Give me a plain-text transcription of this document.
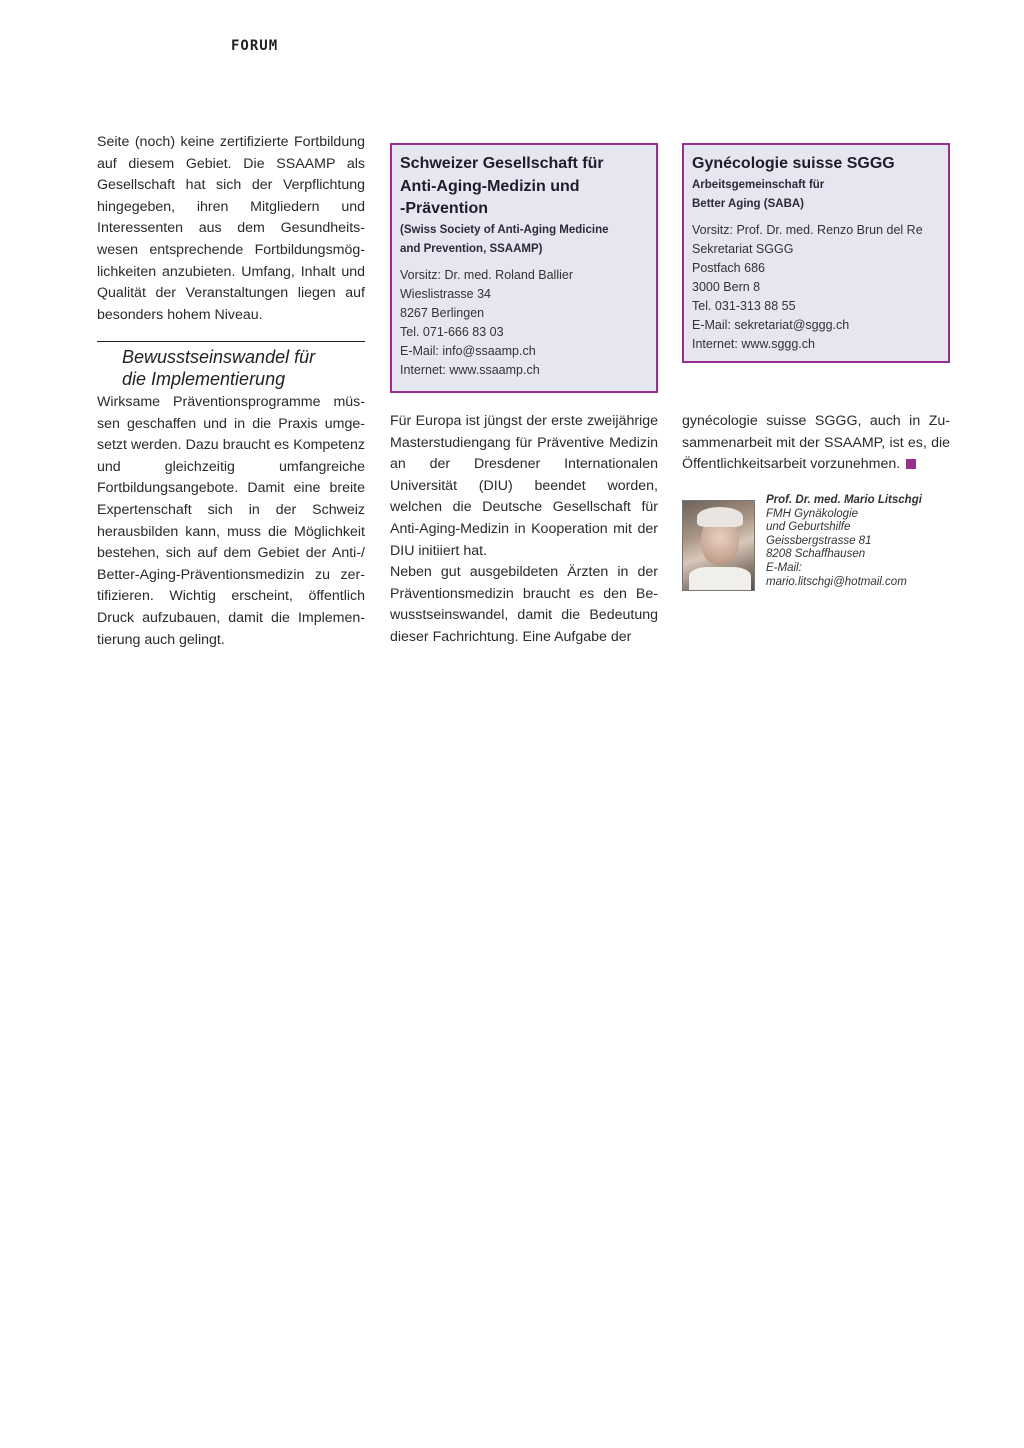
FORUM

Seite (noch) keine zertifizierte Fortbildung auf diesem Gebiet. Die SSAAMP als Gesellschaft hat sich der Verpflichtung hingegeben, ihren Mitgliedern und Interessenten aus dem Gesundheitswesen entsprechende Fortbildungsmöglichkeiten anzubieten. Umfang, Inhalt und Qualität der Veranstaltungen liegen auf besonders hohem Niveau.

Bewusstseinswandel für
die Implementierung

Wirksame Präventionsprogramme müssen geschaffen und in die Praxis umgesetzt werden. Dazu braucht es Kompetenz und gleichzeitig umfangreiche Fortbildungsangebote. Damit eine breite Expertenschaft sich in der Schweiz herausbilden kann, muss die Möglichkeit bestehen, sich auf dem Gebiet der Anti-/ Better-Aging-Präventionsmedizin zu zertifizieren. Wichtig erscheint, öffentlich Druck aufzubauen, damit die Implementierung auch gelingt.

Schweizer Gesellschaft für
Anti-Aging-Medizin und
-Prävention
(Swiss Society of Anti-Aging Medicine
and Prevention, SSAAMP)
Vorsitz: Dr. med. Roland Ballier
Wieslistrasse 34
8267 Berlingen
Tel. 071-666 83 03
E-Mail: info@ssaamp.ch
Internet: www.ssaamp.ch
Gynécologie suisse SGGG
Arbeitsgemeinschaft für
Better Aging (SABA)
Vorsitz: Prof. Dr. med. Renzo Brun del Re
Sekretariat SGGG
Postfach 686
3000 Bern 8
Tel. 031-313 88 55
E-Mail: sekretariat@sggg.ch
Internet: www.sggg.ch

Für Europa ist jüngst der erste zweijährige Masterstudiengang für Präventive Medizin an der Dresdener Internationalen Universität (DIU) beendet worden, welchen die Deutsche Gesellschaft für Anti-Aging-Medizin in Kooperation mit der DIU initiiert hat.

Neben gut ausgebildeten Ärzten in der Präventionsmedizin braucht es den Bewusstseinswandel, damit die Bedeutung dieser Fachrichtung. Eine Aufgabe der

gynécologie suisse SGGG, auch in Zusammenarbeit mit der SSAAMP, ist es, die Öffentlichkeitsarbeit vorzunehmen.

Prof. Dr. med. Mario Litschgi
FMH Gynäkologie
und Geburtshilfe
Geissbergstrasse 81
8208 Schaffhausen
E-Mail:
mario.litschgi@hotmail.com
